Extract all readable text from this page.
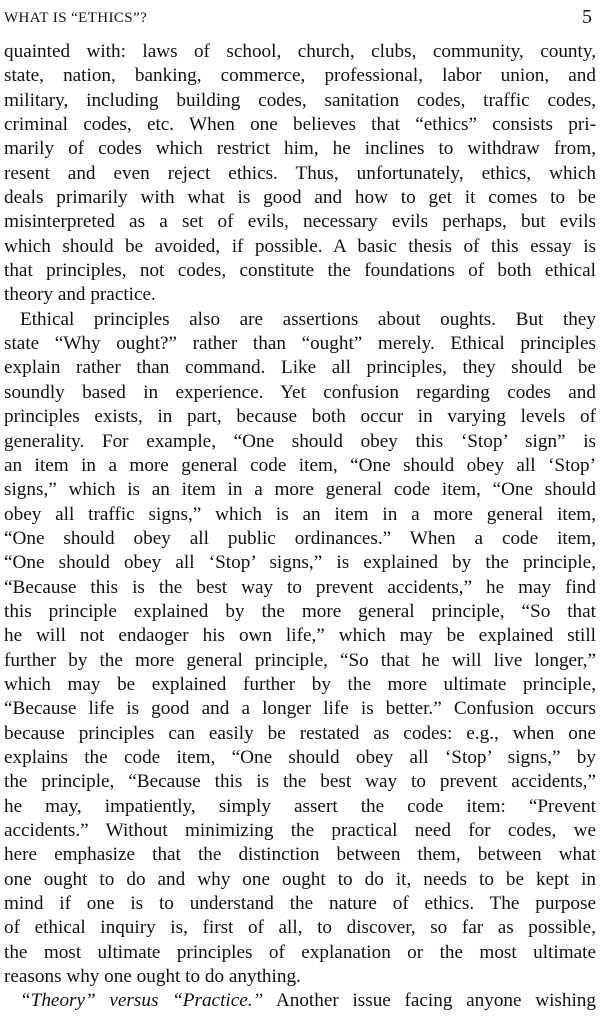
WHAT IS “ETHICS”?	5
quainted with: laws of school, church, clubs, community, county,
state, nation, banking, commerce, professional, labor union, and
military, including building codes, sanitation codes, traffic codes,
criminal codes, etc. When one believes that “ethics” consists pri-
marily of codes which restrict him, he inclines to withdraw from,
resent and even reject ethics. Thus, unfortunately, ethics, which
deals primarily with what is good and how to get it comes to be
misinterpreted as a set of evils, necessary evils perhaps, but evils
which should be avoided, if possible. A basic thesis of this essay is
that principles, not codes, constitute the foundations of both ethical
theory and practice.
Ethical principles also are assertions about oughts. But they
state “Why ought?” rather than “ought” merely. Ethical principles
explain rather than command. Like all principles, they should be
soundly based in experience. Yet confusion regarding codes and
principles exists, in part, because both occur in varying levels of
generality. For example, “One should obey this ‘Stop’ sign” is
an item in a more general code item, “One should obey all ‘Stop’
signs,” which is an item in a more general code item, “One should
obey all traffic signs,” which is an item in a more general item,
“One should obey all public ordinances.” When a code item,
“One should obey all ‘Stop’ signs,” is explained by the principle,
“Because this is the best way to prevent accidents,” he may find
this principle explained by the more general principle, “So that
he will not endaoger his own life,” which may be explained still
further by the more general principle, “So that he will live longer,”
which may be explained further by the more ultimate principle,
“Because life is good and a longer life is better.” Confusion occurs
because principles can easily be restated as codes: e.g., when one
explains the code item, “One should obey all ‘Stop’ signs,” by
the principle, “Because this is the best way to prevent accidents,”
he may, impatiently, simply assert the code item: “Prevent
accidents.” Without minimizing the practical need for codes, we
here emphasize that the distinction between them, between what
one ought to do and why one ought to do it, needs to be kept in
mind if one is to understand the nature of ethics. The purpose
of ethical inquiry is, first of all, to discover, so far as possible,
the most ultimate principles of explanation or the most ultimate
reasons why one ought to do anything.
“Theory” versus “Practice.” Another issue facing anyone wishing
